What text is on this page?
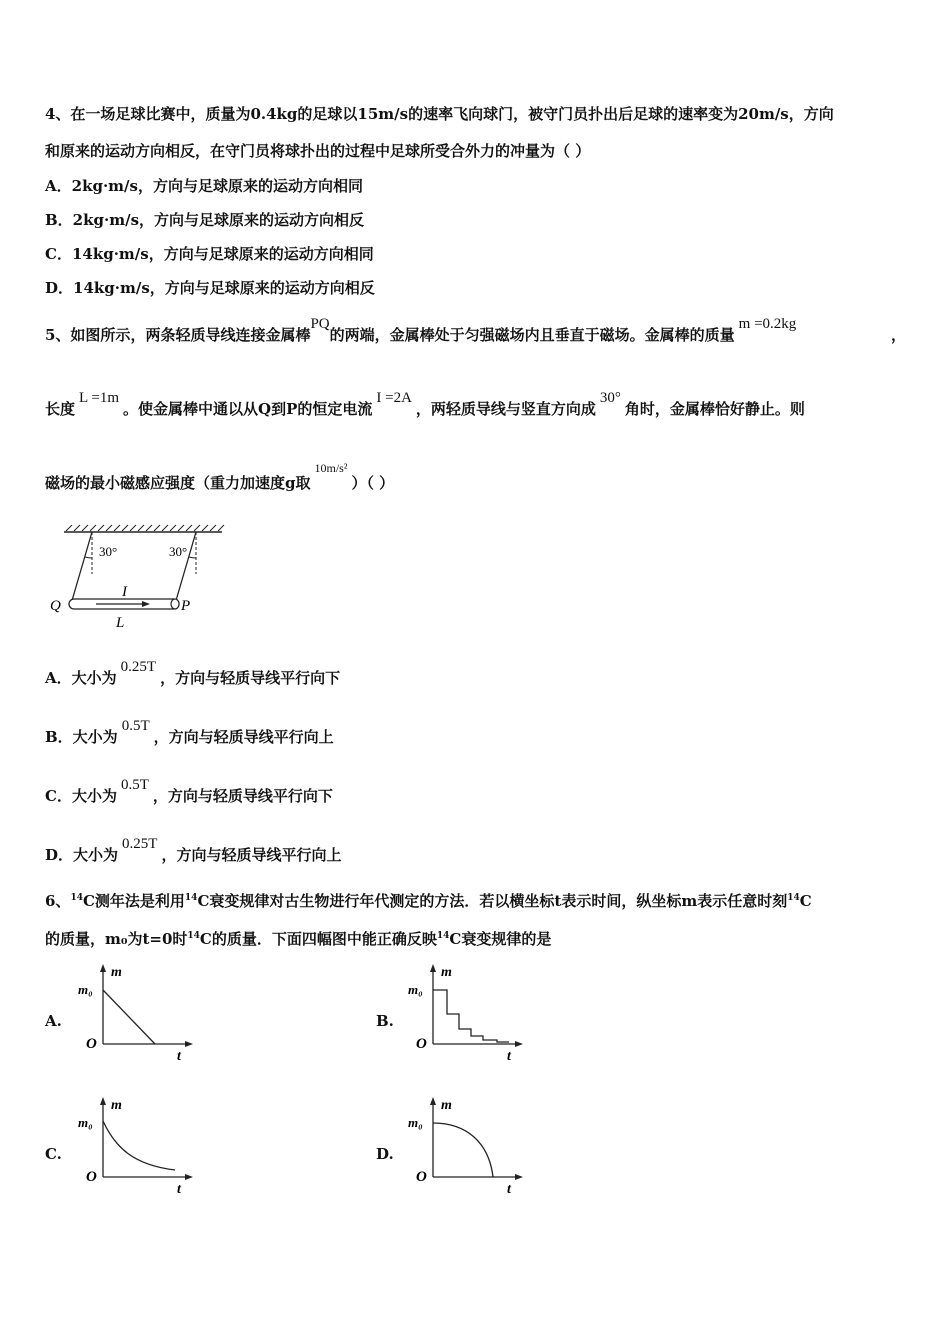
4、在一场足球比赛中，质量为0.4kg的足球以15m/s的速率飞向球门，被守门员扑出后足球的速率变为20m/s，方向
和原来的运动方向相反，在守门员将球扑出的过程中足球所受合外力的冲量为（ ）
A．2kg·m/s，方向与足球原来的运动方向相同
B．2kg·m/s，方向与足球原来的运动方向相反
C．14kg·m/s，方向与足球原来的运动方向相同
D．14kg·m/s，方向与足球原来的运动方向相反
5、如图所示，两条轻质导线连接金属棒PQ的两端，金属棒处于匀强磁场内且垂直于磁场。金属棒的质量m =0.2kg
，
长度L =1m。使金属棒中通以从Q到P的恒定电流I =2A，两轻质导线与竖直方向成30°角时，金属棒恰好静止。则
磁场的最小磁感应强度（重力加速度g取$^{10m/s^2}$）（ ）
30°	30°
Q	P
I
L
A．大小为0.25T，方向与轻质导线平行向下
B．大小为0.5T，方向与轻质导线平行向上
C．大小为0.5T，方向与轻质导线平行向下
D．大小为0.25T，方向与轻质导线平行向上
6、$^{14}$C测年法是利用$^{14}$C衰变规律对古生物进行年代测定的方法．若以横坐标t表示时间，纵坐标m表示任意时刻$^{14}$C
的质量，m₀为t=0时$^{14}$C的质量．下面四幅图中能正确反映$^{14}$C衰变规律的是
A.
m
m₀
O
t
B.
m
m₀
O
t
C.
m
m₀
O
t
D.
m
m₀
O
t
